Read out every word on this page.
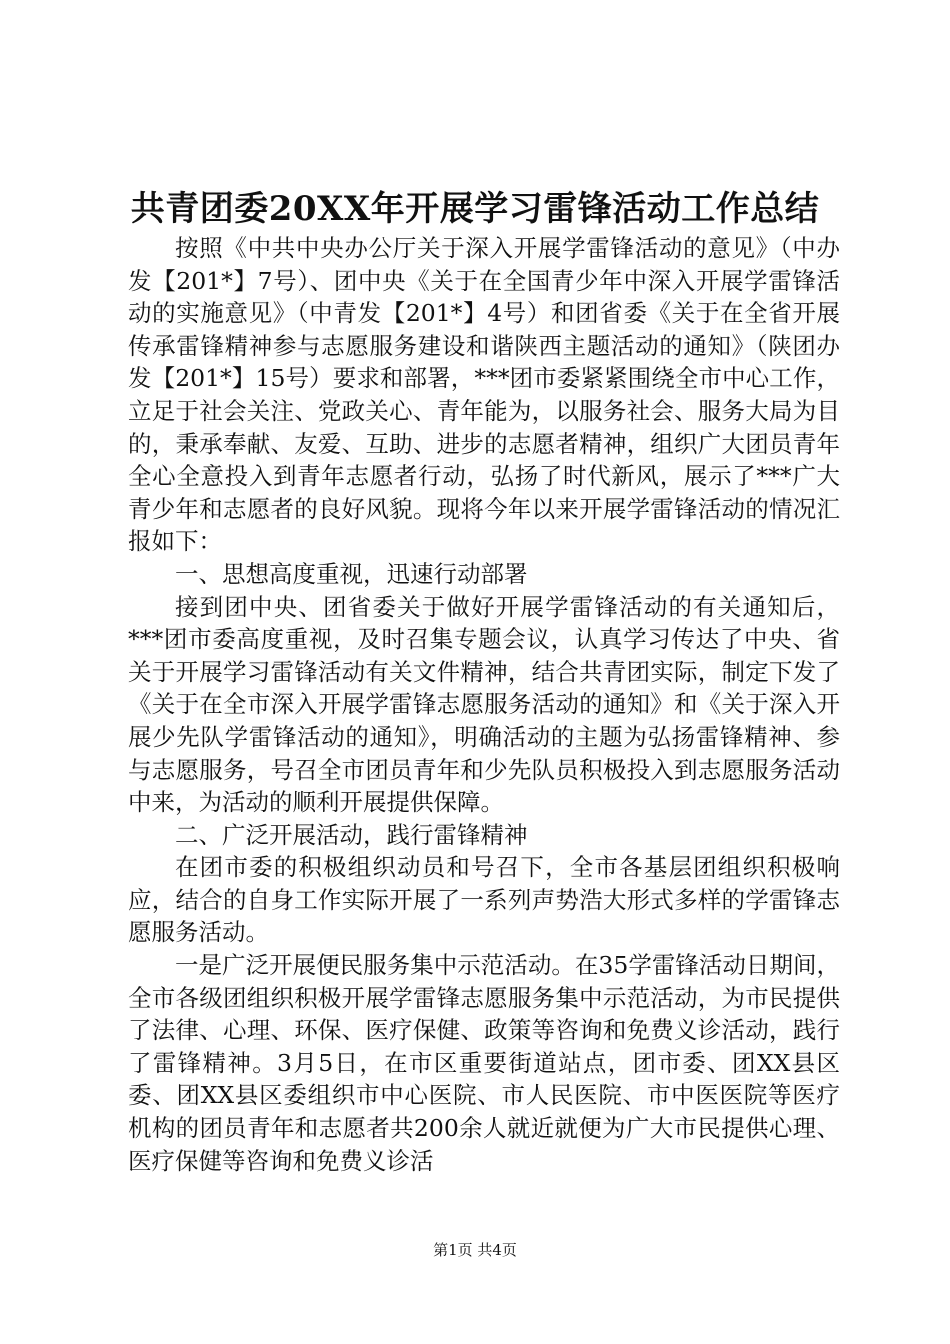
共青团委20XX年开展学习雷锋活动工作总结

按照《中共中央办公厅关于深入开展学雷锋活动的意见》（中办发【201*】7号）、团中央《关于在全国青少年中深入开展学雷锋活动的实施意见》（中青发【201*】4号）和团省委《关于在全省开展传承雷锋精神参与志愿服务建设和谐陕西主题活动的通知》（陕团办发【201*】15号）要求和部署，***团市委紧紧围绕全市中心工作，立足于社会关注、党政关心、青年能为，以服务社会、服务大局为目的，秉承奉献、友爱、互助、进步的志愿者精神，组织广大团员青年全心全意投入到青年志愿者行动，弘扬了时代新风，展示了***广大青少年和志愿者的良好风貌。现将今年以来开展学雷锋活动的情况汇报如下：

一、思想高度重视，迅速行动部署

接到团中央、团省委关于做好开展学雷锋活动的有关通知后，***团市委高度重视，及时召集专题会议，认真学习传达了中央、省关于开展学习雷锋活动有关文件精神，结合共青团实际，制定下发了《关于在全市深入开展学雷锋志愿服务活动的通知》和《关于深入开展少先队学雷锋活动的通知》，明确活动的主题为弘扬雷锋精神、参与志愿服务，号召全市团员青年和少先队员积极投入到志愿服务活动中来，为活动的顺利开展提供保障。

二、广泛开展活动，践行雷锋精神

在团市委的积极组织动员和号召下，全市各基层团组织积极响应，结合的自身工作实际开展了一系列声势浩大形式多样的学雷锋志愿服务活动。

一是广泛开展便民服务集中示范活动。在35学雷锋活动日期间，全市各级团组织积极开展学雷锋志愿服务集中示范活动，为市民提供了法律、心理、环保、医疗保健、政策等咨询和免费义诊活动，践行了雷锋精神。3月5日，在市区重要街道站点，团市委、团XX县区委、团XX县区委组织市中心医院、市人民医院、市中医医院等医疗机构的团员青年和志愿者共200余人就近就便为广大市民提供心理、医疗保健等咨询和免费义诊活

第1页 共4页
